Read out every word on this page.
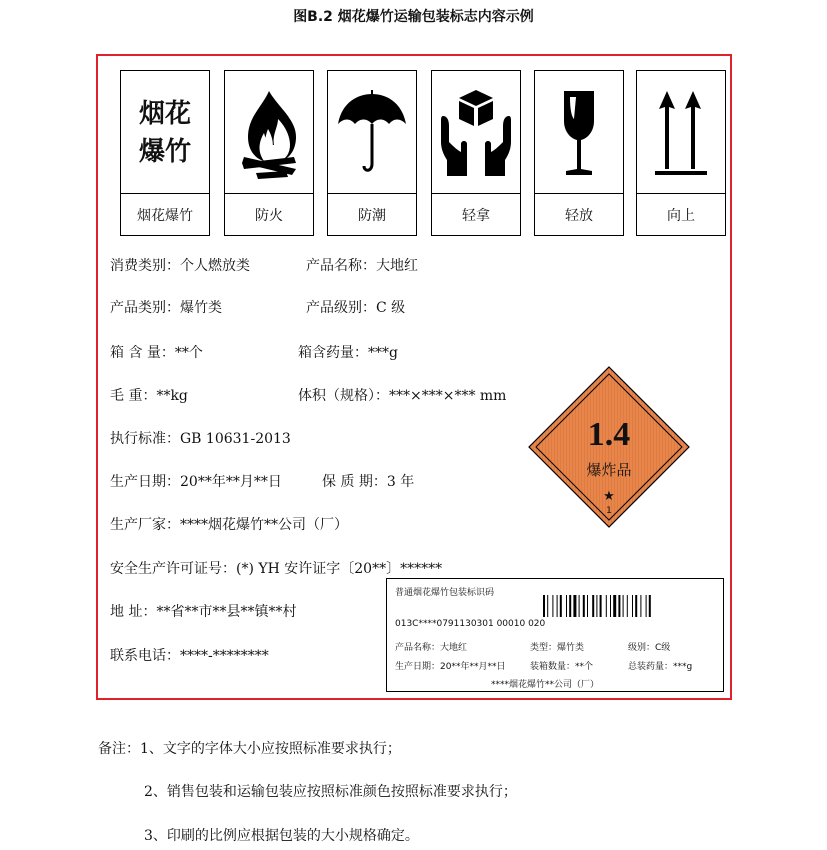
图B.2 烟花爆竹运输包装标志内容示例
烟花
爆竹
烟花爆竹	防火	防潮	轻拿	轻放	向上
消费类别：个人燃放类	产品名称：大地红
产品类别：爆竹类	产品级别：C 级
箱 含 量：**个	箱含药量：***g
毛 重：**kg	体积（规格）：***×***×*** mm
执行标准：GB 10631-2013
生产日期：20**年**月**日	保 质 期：3 年
生产厂家：****烟花爆竹**公司（厂）
安全生产许可证号：(*) YH 安许证字〔20**〕******
地 址：**省**市**县**镇**村
联系电话：****-********
1.4
爆炸品
★
1
普通烟花爆竹包装标识码
013C****0791130301 00010 020
产品名称：大地红	类型：爆竹类	级别：C级
生产日期：20**年**月**日	装箱数量：**个	总装药量：***g
****烟花爆竹**公司（厂）
备注：1、文字的字体大小应按照标准要求执行；
2、销售包装和运输包装应按照标准颜色按照标准要求执行；
3、印刷的比例应根据包装的大小规格确定。
